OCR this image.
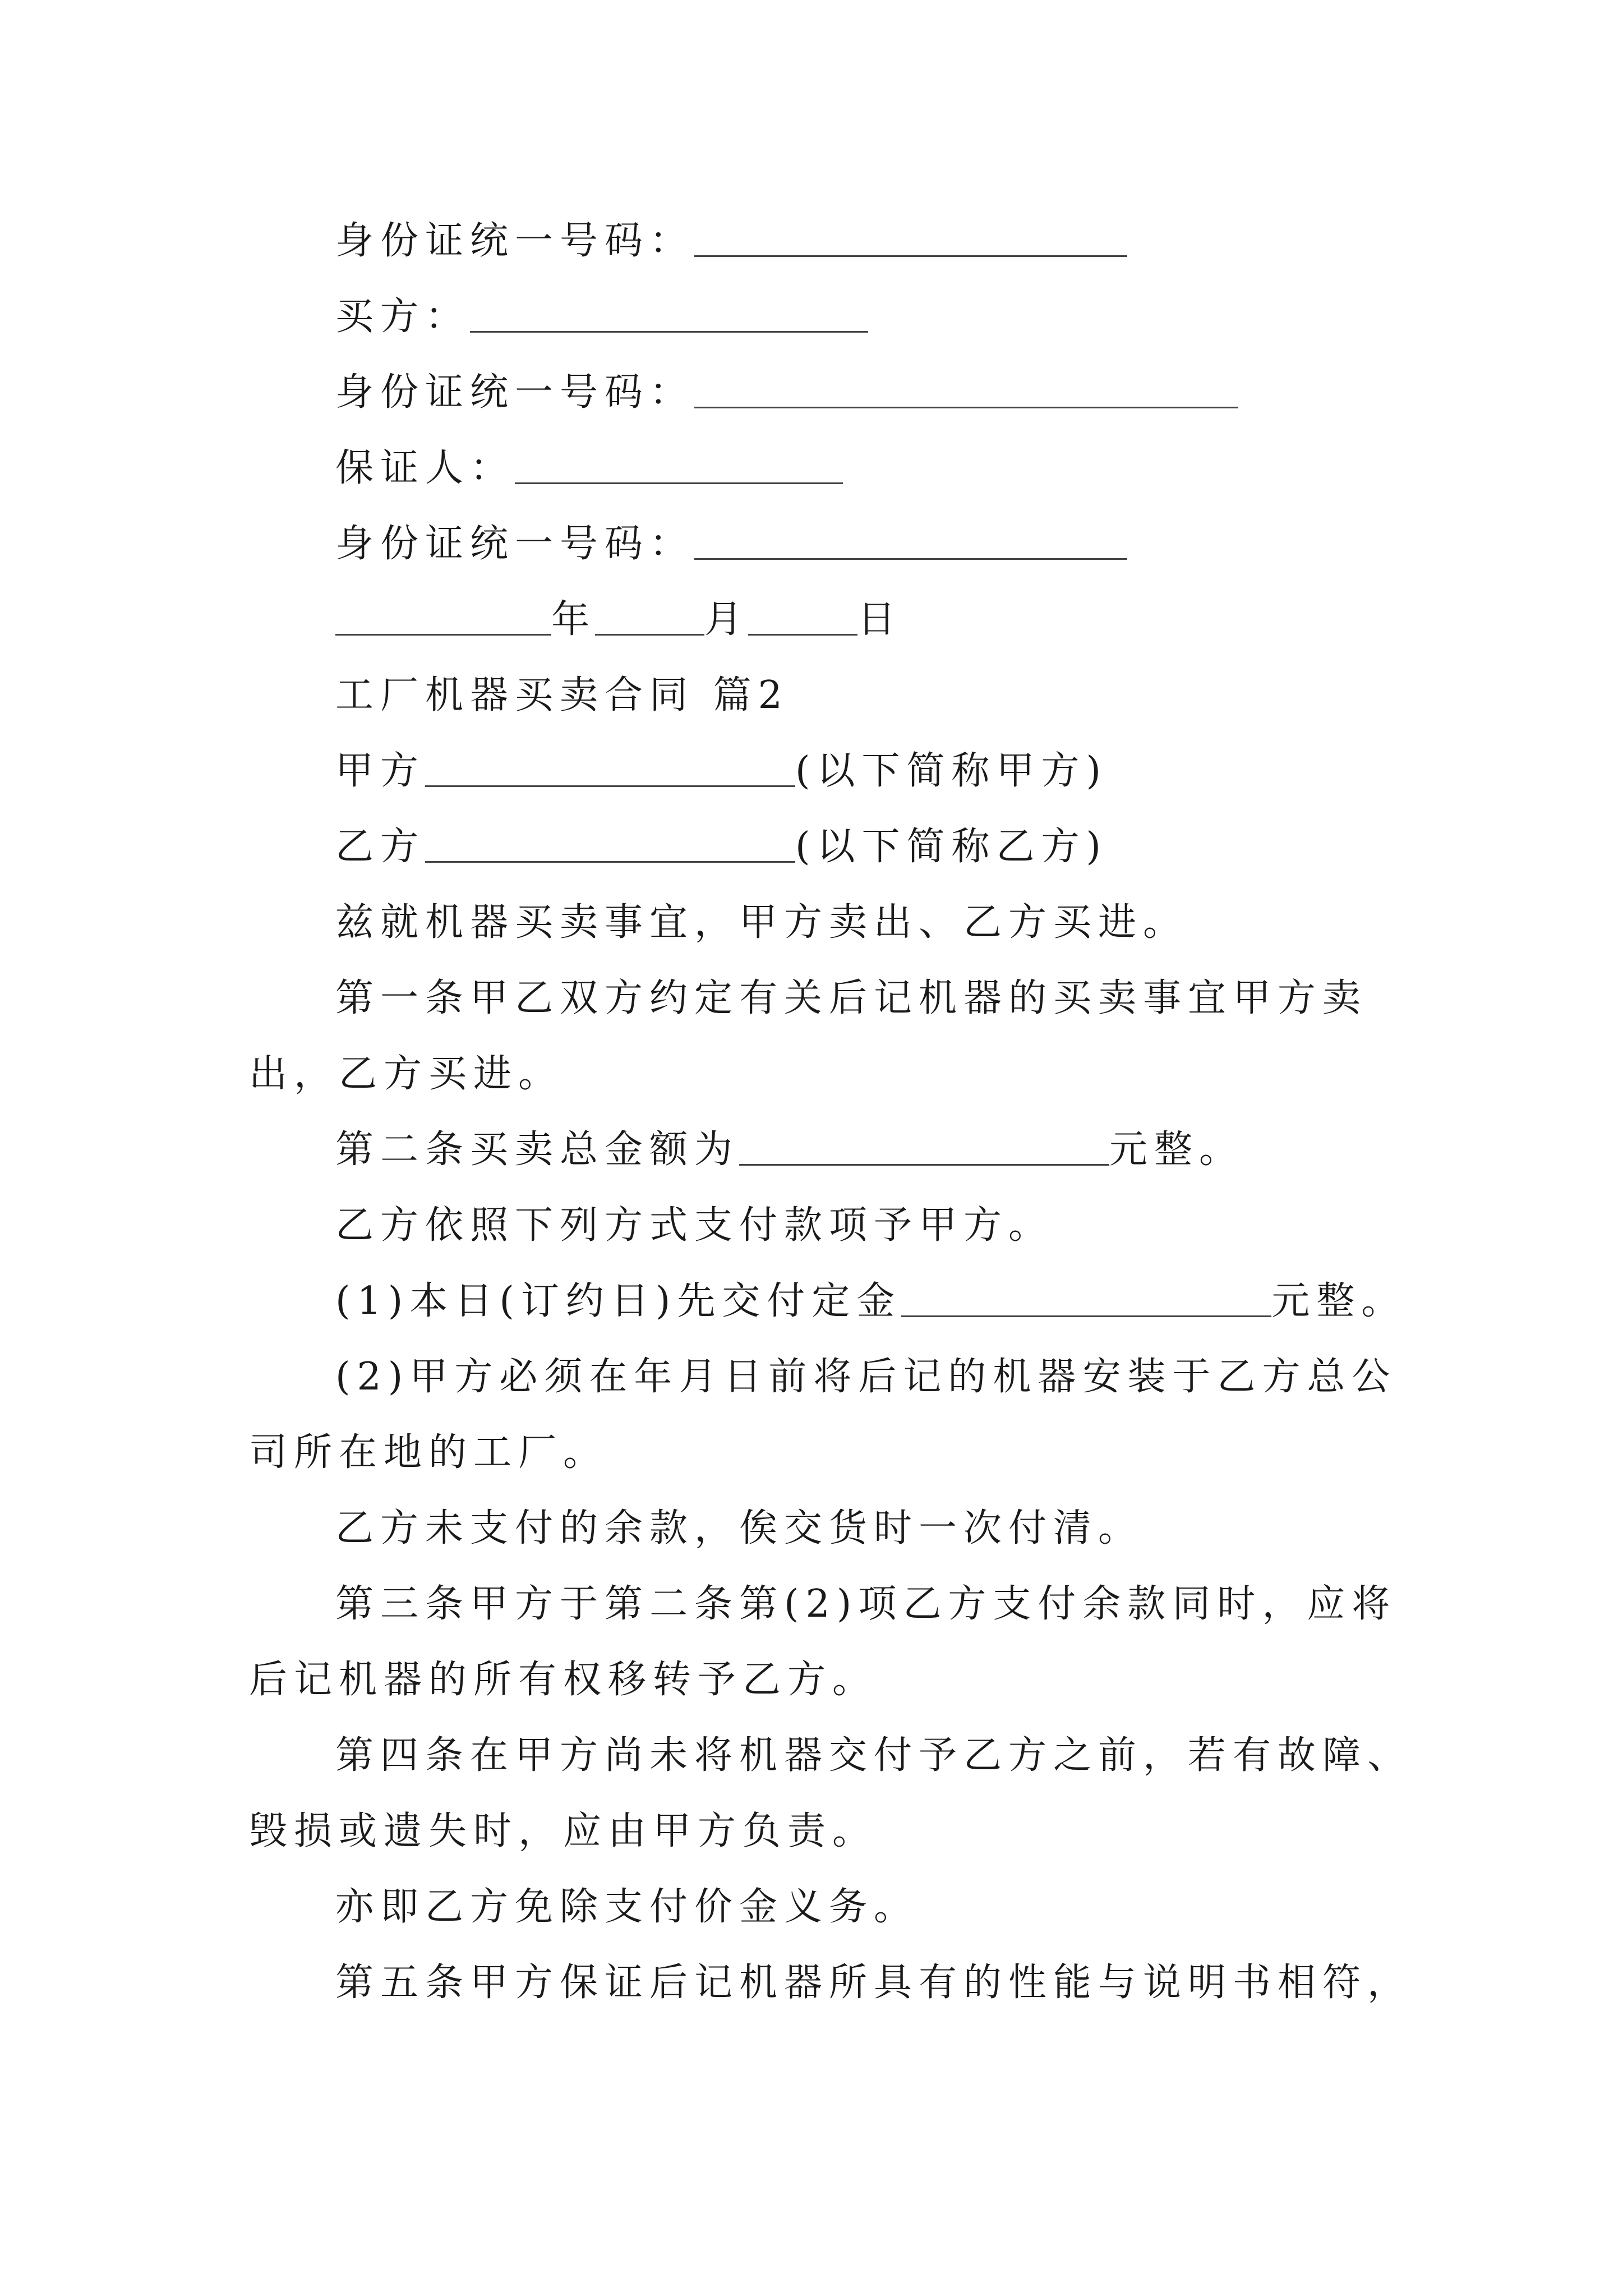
身份证统一号码：
买方：
身份证统一号码：
保证人：
身份证统一号码：
年	月	日
工厂机器买卖合同 篇2
甲方	(以下简称甲方)
乙方	(以下简称乙方)
兹就机器买卖事宜，甲方卖出、乙方买进。
第一条甲乙双方约定有关后记机器的买卖事宜甲方卖
出，乙方买进。
第二条买卖总金额为	元整。
乙方依照下列方式支付款项予甲方。
(1)本日(订约日)先交付定金	元整。
(2)甲方必须在年月日前将后记的机器安装于乙方总公
司所在地的工厂。
乙方未支付的余款，俟交货时一次付清。
第三条甲方于第二条第(2)项乙方支付余款同时，应将
后记机器的所有权移转予乙方。
第四条在甲方尚未将机器交付予乙方之前，若有故障、
毁损或遗失时，应由甲方负责。
亦即乙方免除支付价金义务。
第五条甲方保证后记机器所具有的性能与说明书相符，
